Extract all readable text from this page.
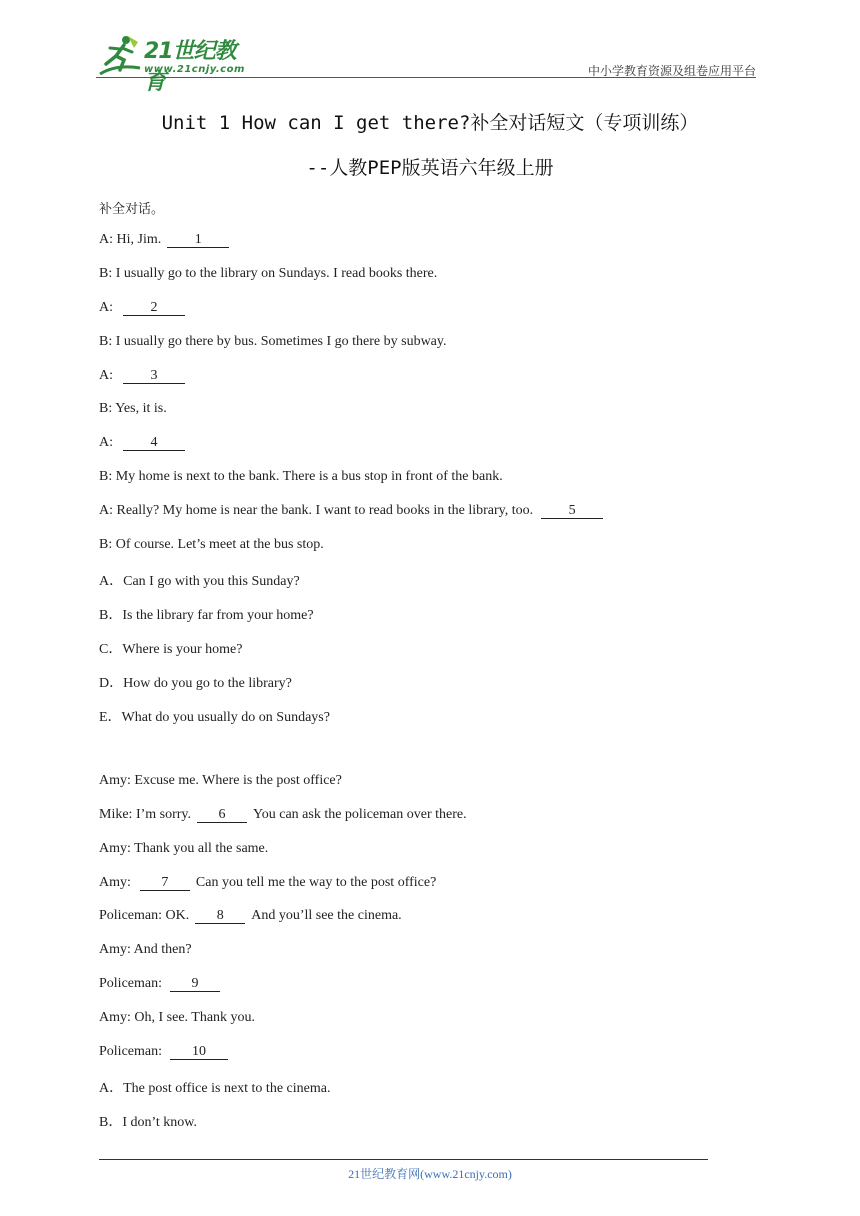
21世纪教育
www.21cnjy.com	中小学教育资源及组卷应用平台
Unit 1 How can I get there?补全对话短文（专项训练）
--人教PEP版英语六年级上册
补全对话。
A: Hi, Jim. 1
B: I usually go to the library on Sundays. I read books there.
A:	2
B: I usually go there by bus. Sometimes I go there by subway.
A:	3
B: Yes, it is.
A:	4
B: My home is next to the bank. There is a bus stop in front of the bank.
A: Really? My home is near the bank. I want to read books in the library, too.	5
B: Of course. Let’s meet at the bus stop.
A．Can I go with you this Sunday?
B．Is the library far from your home?
C．Where is your home?
D．How do you go to the library?
E．What do you usually do on Sundays?
Amy: Excuse me. Where is the post office?
Mike: I’m sorry. 6 You can ask the policeman over there.
Amy: Thank you all the same.
Amy: 7 Can you tell me the way to the post office?
Policeman: OK. 8 And you’ll see the cinema.
Amy: And then?
Policeman: 9
Amy: Oh, I see. Thank you.
Policeman: 10
A．The post office is next to the cinema.
B．I don’t know.
21世纪教育网(www.21cnjy.com)
